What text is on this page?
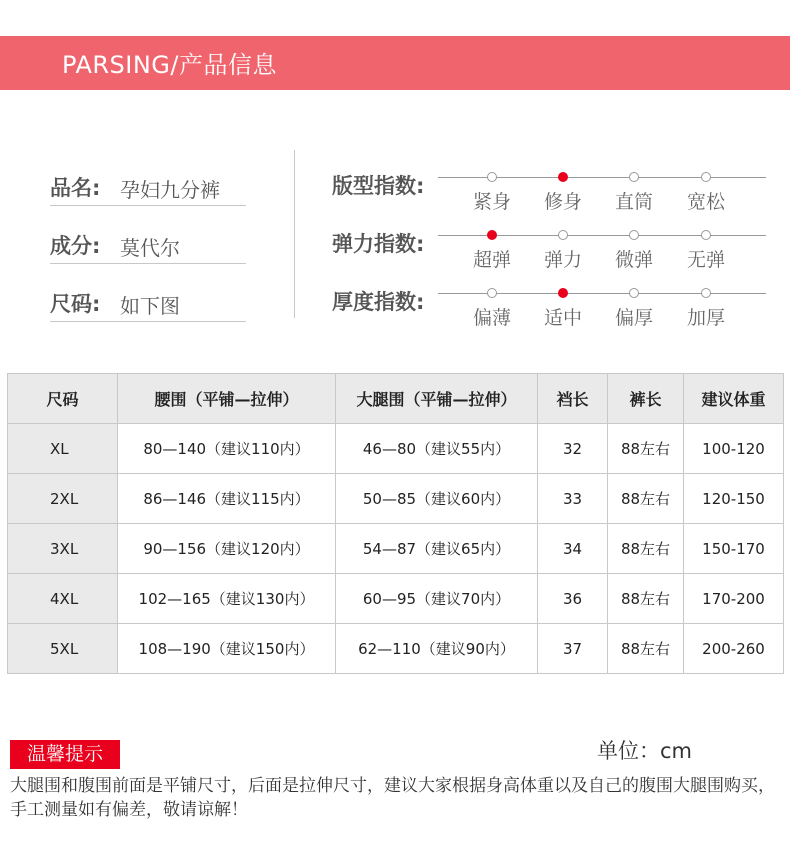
PARSING/产品信息
品名: 孕妇九分裤
成分: 莫代尔
尺码: 如下图
版型指数:
紧身	修身	直筒	宽松
弹力指数:
超弹	弹力	微弹	无弹
厚度指数:
偏薄	适中	偏厚	加厚
尺码	腰围（平铺—拉伸）	大腿围（平铺—拉伸）	裆长	裤长	建议体重
XL	80—140（建议110内）	46—80（建议55内）	32	88左右	100-120
2XL	86—146（建议115内）	50—85（建议60内）	33	88左右	120-150
3XL	90—156（建议120内）	54—87（建议65内）	34	88左右	150-170
4XL	102—165（建议130内）	60—95（建议70内）	36	88左右	170-200
5XL	108—190（建议150内）	62—110（建议90内）	37	88左右	200-260
温馨提示	单位：cm
大腿围和腹围前面是平铺尺寸，后面是拉伸尺寸，建议大家根据身高体重以及自己的腹围大腿围购买，手工测量如有偏差，敬请谅解！
